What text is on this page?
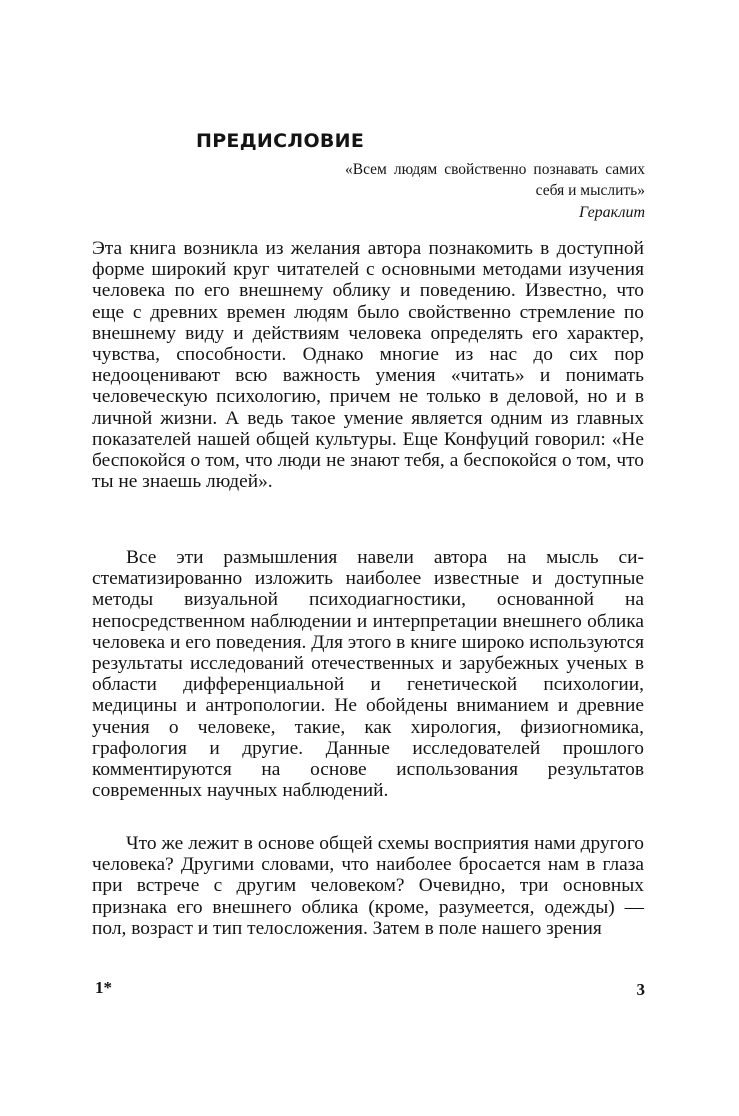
ПРЕДИСЛОВИЕ
«Всем людям свойственно познавать самих себя и мыслить»
Гераклит

Эта книга возникла из желания автора познакомить в доступной форме широкий круг читателей с основными методами изучения человека по его внешнему облику и поведению. Известно, что еще с древних времен людям было свойственно стремление по внешнему виду и действиям человека определять его характер, чувства, способности. Однако многие из нас до сих пор недооценивают всю важность умения «читать» и понимать человеческую психологию, причем не только в деловой, но и в личной жизни. А ведь такое умение является одним из главных показателей нашей общей культуры. Еще Конфуций говорил: «Не беспокойся о том, что люди не знают тебя, а беспокойся о том, что ты не знаешь людей».

Все эти размышления навели автора на мысль систематизированно изложить наиболее известные и доступные методы визуальной психодиагностики, основанной на непосредственном наблюдении и интерпретации внешнего облика человека и его поведения. Для этого в книге широко используются результаты исследований отечественных и зарубежных ученых в области дифференциальной и генетической психологии, медицины и антропологии. Не обойдены вниманием и древние учения о человеке, такие, как хирология, физиогномика, графология и другие. Данные исследователей прошлого комментируются на основе использования результатов современных научных наблюдений.

Что же лежит в основе общей схемы восприятия нами другого человека? Другими словами, что наиболее бросается нам в глаза при встрече с другим человеком? Очевидно, три основных признака его внешнего облика (кроме, разумеется, одежды) — пол, возраст и тип телосложения. Затем в поле нашего зрения

1*	3
